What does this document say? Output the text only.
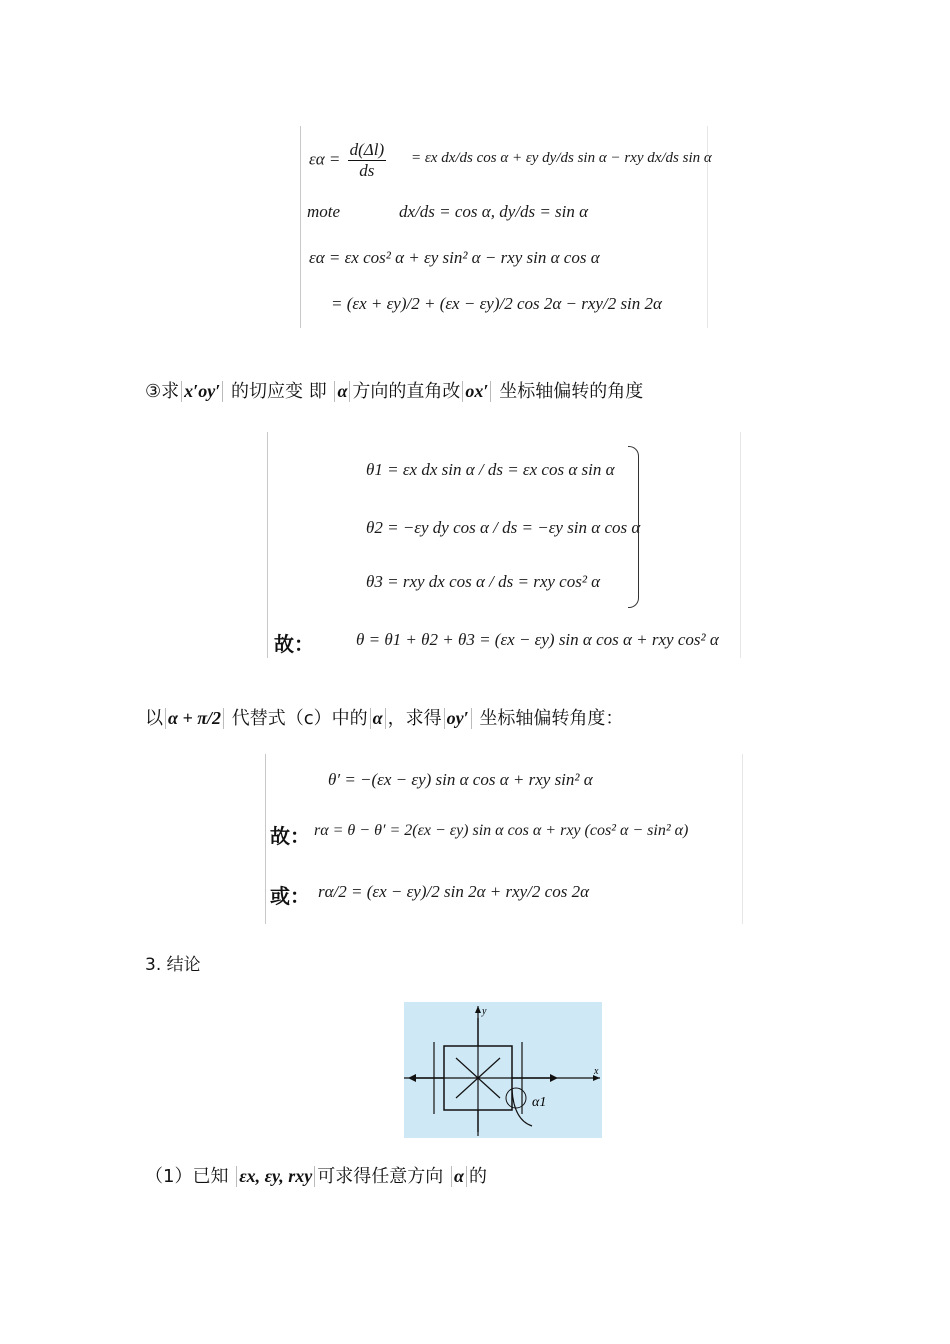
$\varepsilon\alpha = \frac{d(\Delta l)}{ds} = \varepsilon x$ dx/ds cos α + εy dy/ds sin α − rxy dx/ds sin α
mote	dx/ds = cos α, dy/ds = sin α
εα = εx cos² α + εy sin² α − rxy sin α cos α
= (εx + εy)/2 + (εx − εy)/2 cos 2α − rxy/2 sin 2α
③求 x′oy′ 的切应变 即 α 方向的直角改 ox′ 坐标轴偏转的角度
θ1 = εx dx sin α / ds = εx cos α sin α
θ2 = −εy dy cos α / ds = −εy sin α cos α
θ3 = rxy dx cos α / ds = rxy cos² α
故： θ = θ1 + θ2 + θ3 = (εx − εy) sin α cos α + rxy cos² α
以 α + π/2 代替式（c）中的 α ，求得 oy′ 坐标轴偏转角度：
θ′ = −(εx − εy) sin α cos α + rxy sin² α
故： rα = θ − θ′ = 2(εx − εy) sin α cos α + rxy (cos² α − sin² α)
或： rα/2 = (εx − εy)/2 sin 2α + rxy/2 cos 2α
3. 结论
x
y
α1
（1）已知 εx, εy, rxy 可求得任意方向 α 的
